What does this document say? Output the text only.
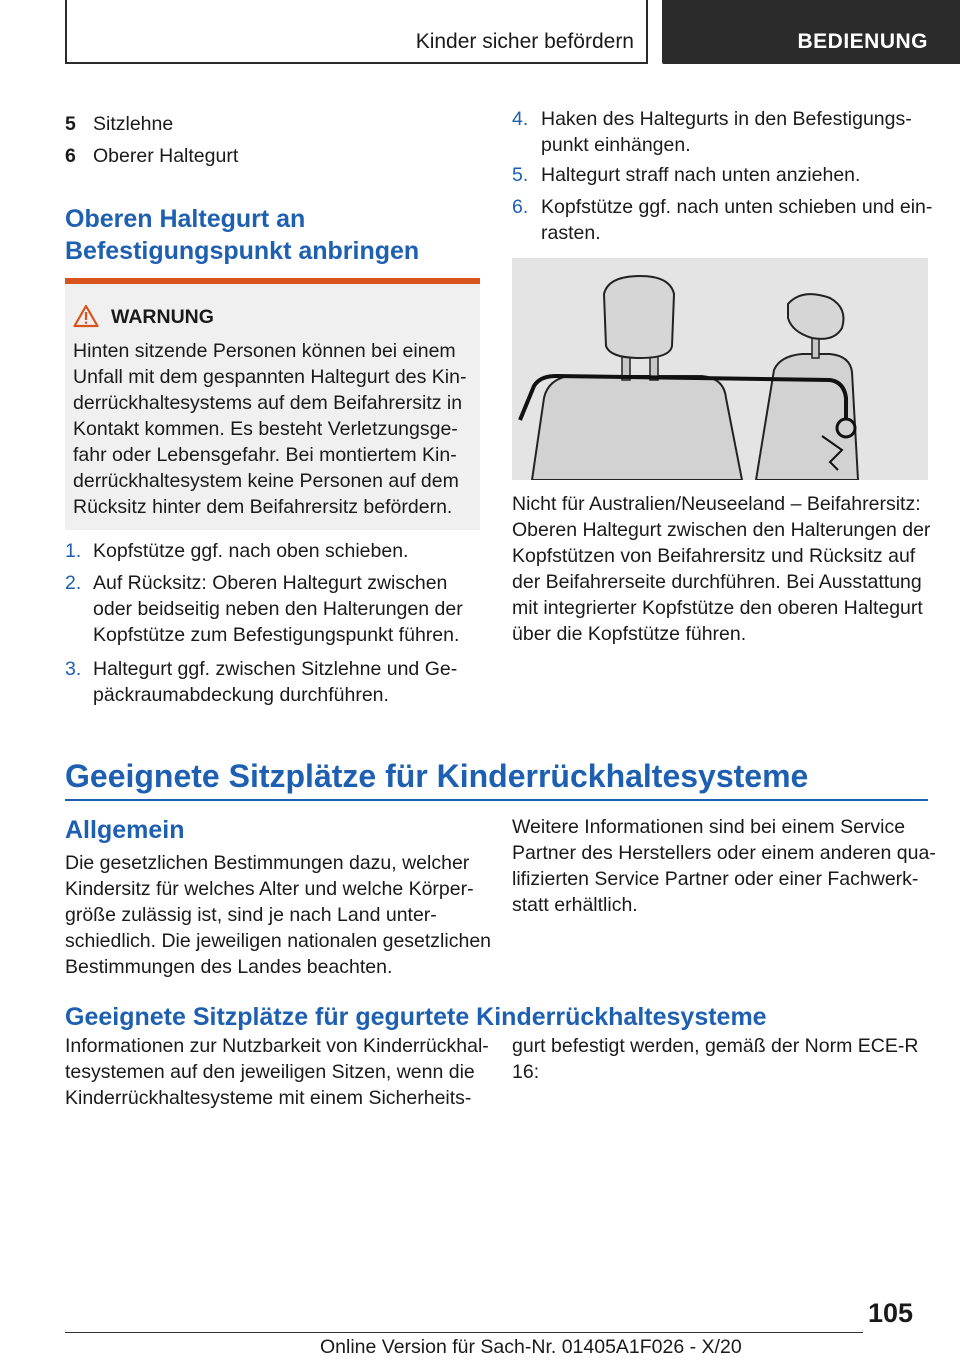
Kinder sicher befördern	BEDIENUNG
5 Sitzlehne
6 Oberer Haltegurt
Oberen Haltegurt an
Befestigungspunkt anbringen
WARNUNG
Hinten sitzende Personen können bei einem
Unfall mit dem gespannten Haltegurt des Kin-
derrückhaltesystems auf dem Beifahrersitz in
Kontakt kommen. Es besteht Verletzungsge-
fahr oder Lebensgefahr. Bei montiertem Kin-
derrückhaltesystem keine Personen auf dem
Rücksitz hinter dem Beifahrersitz befördern.
1. Kopfstütze ggf. nach oben schieben.
2. Auf Rücksitz: Oberen Haltegurt zwischen
oder beidseitig neben den Halterungen der
Kopfstütze zum Befestigungspunkt führen.
3. Haltegurt ggf. zwischen Sitzlehne und Ge-
päckraumabdeckung durchführen.
4. Haken des Haltegurts in den Befestigungs-
punkt einhängen.
5. Haltegurt straff nach unten anziehen.
6. Kopfstütze ggf. nach unten schieben und ein-
rasten.
Nicht für Australien/Neuseeland – Beifahrersitz:
Oberen Haltegurt zwischen den Halterungen der
Kopfstützen von Beifahrersitz und Rücksitz auf
der Beifahrerseite durchführen. Bei Ausstattung
mit integrierter Kopfstütze den oberen Haltegurt
über die Kopfstütze führen.
Geeignete Sitzplätze für Kinderrückhaltesysteme
Allgemein
Die gesetzlichen Bestimmungen dazu, welcher
Kindersitz für welches Alter und welche Körper-
größe zulässig ist, sind je nach Land unter-
schiedlich. Die jeweiligen nationalen gesetzlichen
Bestimmungen des Landes beachten.
Weitere Informationen sind bei einem Service
Partner des Herstellers oder einem anderen qua-
lifizierten Service Partner oder einer Fachwerk-
statt erhältlich.
Geeignete Sitzplätze für gegurtete Kinderrückhaltesysteme
Informationen zur Nutzbarkeit von Kinderrückhal-
tesystemen auf den jeweiligen Sitzen, wenn die
Kinderrückhaltesysteme mit einem Sicherheits-
gurt befestigt werden, gemäß der Norm ECE-R
16:
105
Online Version für Sach-Nr. 01405A1F026 - X/20
